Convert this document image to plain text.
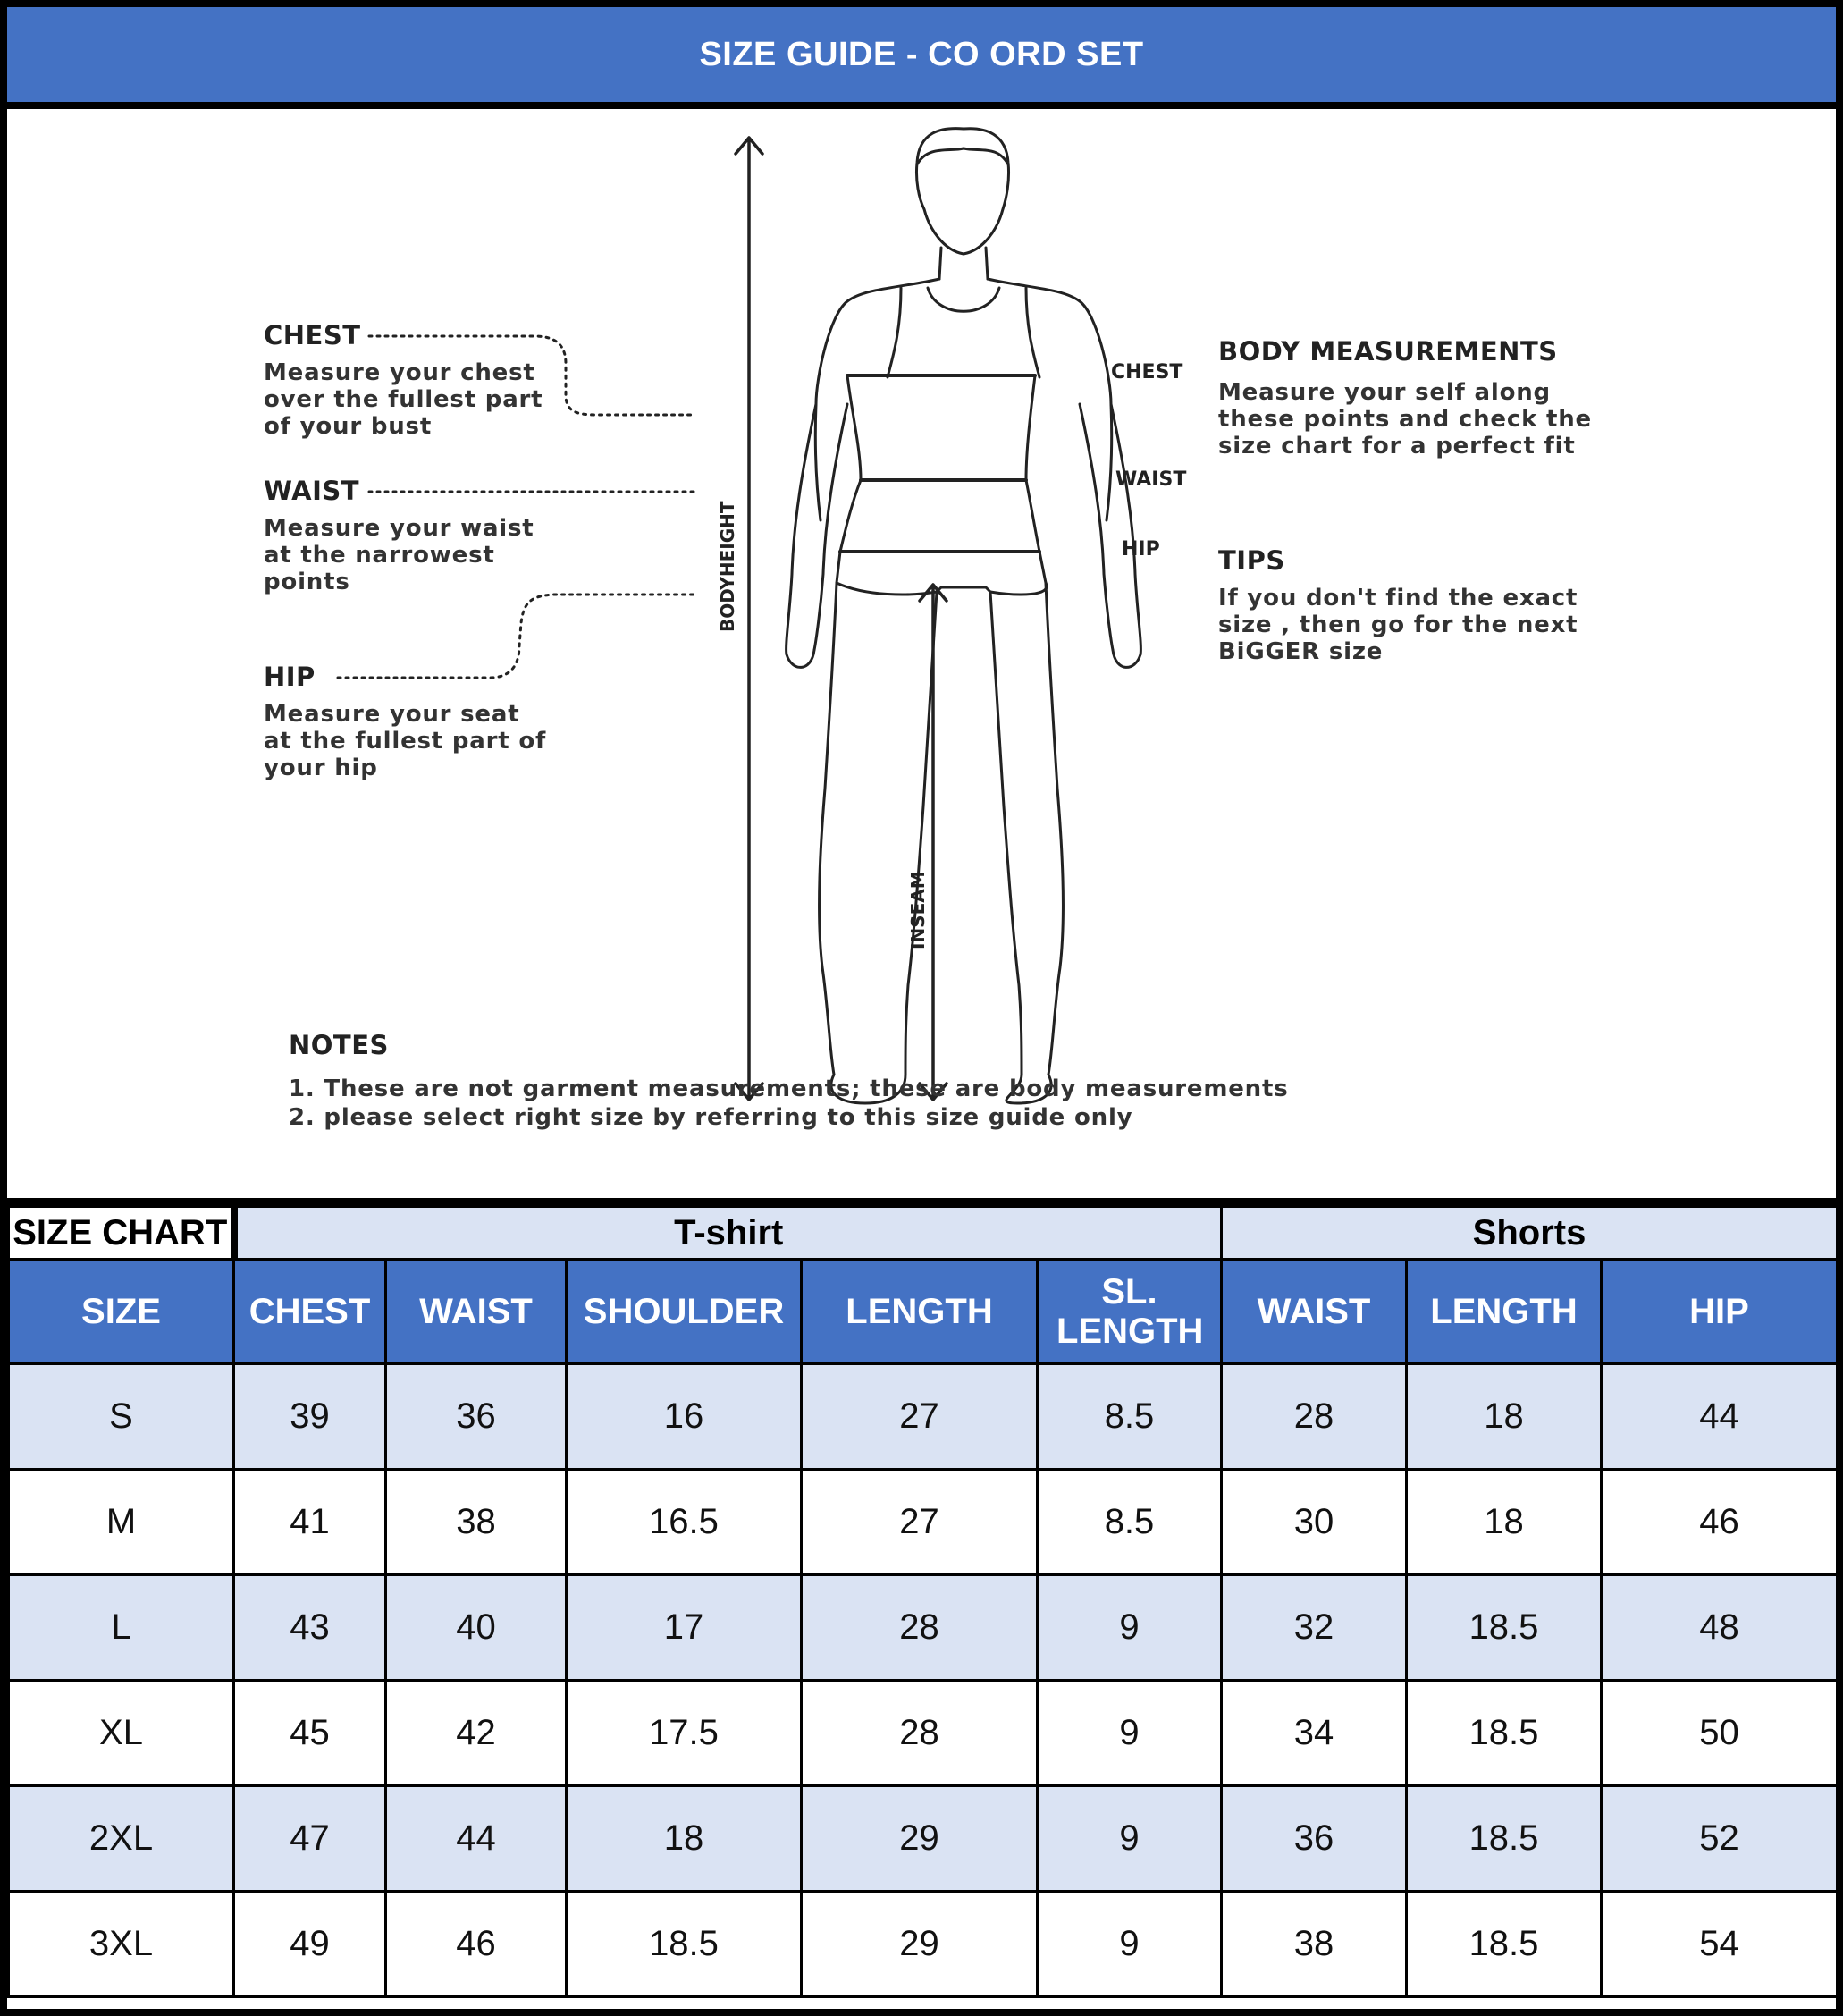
SIZE GUIDE - CO ORD SET
BODYHEIGHT
INSEAM
CHEST
WAIST
HIP
CHEST
Measure your chest
over the fullest part
of your bust
WAIST
Measure your waist
at the narrowest
points
HIP
Measure your seat
at the fullest part of
your hip
BODY MEASUREMENTS
Measure your self along
these points and check the
size chart for a perfect fit
TIPS
If you don't find the exact
size , then go for the next
BiGGER size
NOTES
1. These are not garment measurements; these are body measurements
2. please select right size by referring to this size guide only
SIZE CHART	T-shirt					Shorts		
SIZE	CHEST	WAIST	SHOULDER	LENGTH	SL. LENGTH	WAIST	LENGTH	HIP
S	39	36	16	27	8.5	28	18	44
M	41	38	16.5	27	8.5	30	18	46
L	43	40	17	28	9	32	18.5	48
XL	45	42	17.5	28	9	34	18.5	50
2XL	47	44	18	29	9	36	18.5	52
3XL	49	46	18.5	29	9	38	18.5	54
